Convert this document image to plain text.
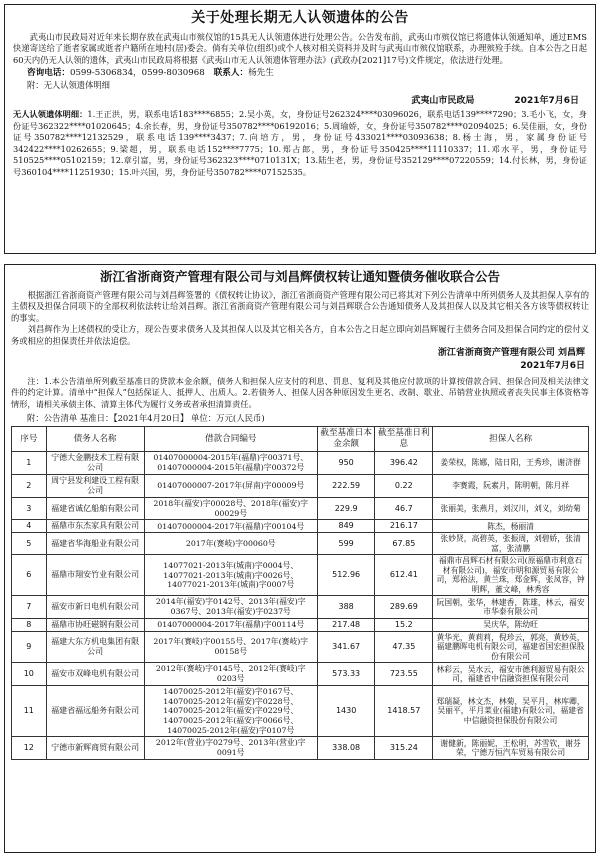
关于处理长期无人认领遗体的公告

武夷山市民政局对近年来长期存放在武夷山市殡仪馆的15具无人认领遗体进行处理公告。公告发布前，武夷山市殡仪馆已将遗体认领通知单，通过EMS快递寄送给了逝者家属或逝者户籍所在地村(居)委会。倘有关单位(组织)或个人核对相关资料并及时与武夷山市殡仪馆联系，办理殡殓手续。自本公告之日起60天内仍无人认领的遗体，武夷山市民政局将根据《武夷山市无人认领遗体管理办法》(武政办[2021]17号)文件规定，依法进行处理。

咨询电话：0599-5306834，0599-8030968 联系人：杨先生
附：无人认领遗体明细
武夷山市民政局	2021年7月6日

无人认领遗体明细：1.王正洪，男，联系电话183****6855；2.吴小英，女，身份证号262324****03096026，联系电话139****7290；3.毛小飞，女，身份证号362322****01020645；4.余长春，男，身份证号350782****06192016；5.周瑜娇，女，身份证号350782****02094025；6.吴佳丽，女，身份证号350782****12132529，联系电话139****3437；7.向培方，男，身份证号433021****03093638；8.杨士海，男，家属身份证号342422****10262655；9.梁超，男，联系电话152****7775；10.郑占郎，男，身份证号350425****11110337；11.邓水平，男，身份证号510525****05102159；12.章引富，男，身份证号362323****0710131X；13.陆生老，男，身份证号352129****07220559；14.付长林，男，身份证号360104****11251930；15.叶兴国，男，身份证号350782****07152535。

浙江省浙商资产管理有限公司与刘昌辉债权转让通知暨债务催收联合公告

根据浙江省浙商资产管理有限公司与刘昌辉签署的《债权转让协议》，浙江省浙商资产管理有限公司已将其对下列公告清单中所列债务人及其担保人享有的主债权及担保合同项下的全部权利依法转让给刘昌辉。浙江省浙商资产管理有限公司与刘昌辉联合公告通知债务人及其担保人以及其它相关各方该等债权转让的事实。

刘昌辉作为上述债权的受让方，现公告要求债务人及其担保人以及其它相关各方，自本公告之日起立即向刘昌辉履行主债务合同及担保合同约定的偿付义务或相应的担保责任并依法追偿。

浙江省浙商资产管理有限公司 刘昌辉
2021年7月6日

注：1.本公告清单所列截至基准日的贷款本金余额，债务人和担保人应支付的利息、罚息、复利及其他应付款项的计算按借款合同、担保合同及相关法律文件的约定计算。清单中“担保人”包括保证人、抵押人、出质人。2.若债务人、担保人因各种原因发生更名、改制、歇业、吊销营业执照或者丧失民事主体资格等情形，请相关承债主体、清算主体代为履行义务或者承担清算责任。

附：公告清单 基准日：【2021年4月20日】 单位：万元(人民币)
序号	债务人名称	借款合同编号	截至基准日本金余额	截至基准日利息	担保人名称
1	宁德大金鹏技术工程有限公司	01407000004-2015年(福鼎)字00371号、01407000004-2015年(福鼎)字00372号	950	396.42	姜荣权，陈娜，陆日阳，王秀珍，谢济群
2	周宁县发利建设工程有限公司	01407000007-2017年(屏南)字00009号	222.59	0.22	李赛霞，阮素月，陈明朝，陈月祥
3	福建省诚亿船舶有限公司	2018年(福安)字00028号、2018年(福安)字00029号	229.9	46.7	张丽美，张燕月，刘汉川，刘义，刘幼菊
4	福鼎市东杰家具有限公司	01407000004-2017年(福鼎)字00104号	849	216.17	陈杰，杨丽清
5	福建省华海船业有限公司	2017年(赛岐)字00060号	599	67.85	张妙贤，高碧英，张振周，刘碧娇，张清富，张清鹏
6	福鼎市翔安竹业有限公司	14077021-2013年(城南)字0004号、14077021-2013年(城南)字0026号、14077021-2013年(城南)字0007号	512.96	612.41	福鼎市昌辉石材有限公司(原福鼎市利意石材有限公司)，福安市明和源贸易有限公司，郑裕法，黄兰珠，郑金辉，张凤容，钟明辉，董文峰，林秀容
7	福安市新日电机有限公司	2014年(福安)字0142号、2013年(福安)字0367号、2013年(福安)字0237号	388	289.69	阮国朝，张华，林建香，陈雄，林云，福安市华泰有限公司
8	福鼎市协旺磁钢有限公司	01407000004-2017年(福鼎)字00114号	217.48	15.2	吴庆华，陈幼旺
9	福建大东方机电集团有限公司	2017年(赛岐)字00155号、2017年(赛岐)字00158号	341.67	47.35	黄华光，黄莉莉，倪珍云，郭亮，黄妙英，福建鹏晖电机有限公司，福建省国宏担保股份有限公司
10	福安市双峰电机有限公司	2012年(赛岐)字0145号、2012年(赛岐)字0203号	573.33	723.55	林彩云，吴水云，福安市德利源贸易有限公司，福建省中信融资担保有限公司
11	福建省福远船务有限公司	14070025-2012年(福安)字0167号、14070025-2012年(福安)字0228号、14070025-2012年(福安)字0229号、14070025-2012年(福安)字0066号、14070025-2012年(福安)字0107号	1430	1418.57	郑瑞凝，林文杰，林菊，吴平月，林库卿，吴丽平，平月菜业(福建)有限公司，福建省中信融资担保股份有限公司
12	宁德市新辉商贸有限公司	2012年(营业)字0279号、2013年(营业)字0091号	338.08	315.24	谢健新，陈丽妮，王松明，苏雪钦，谢芬荣，宁德万恒汽车贸易有限公司
